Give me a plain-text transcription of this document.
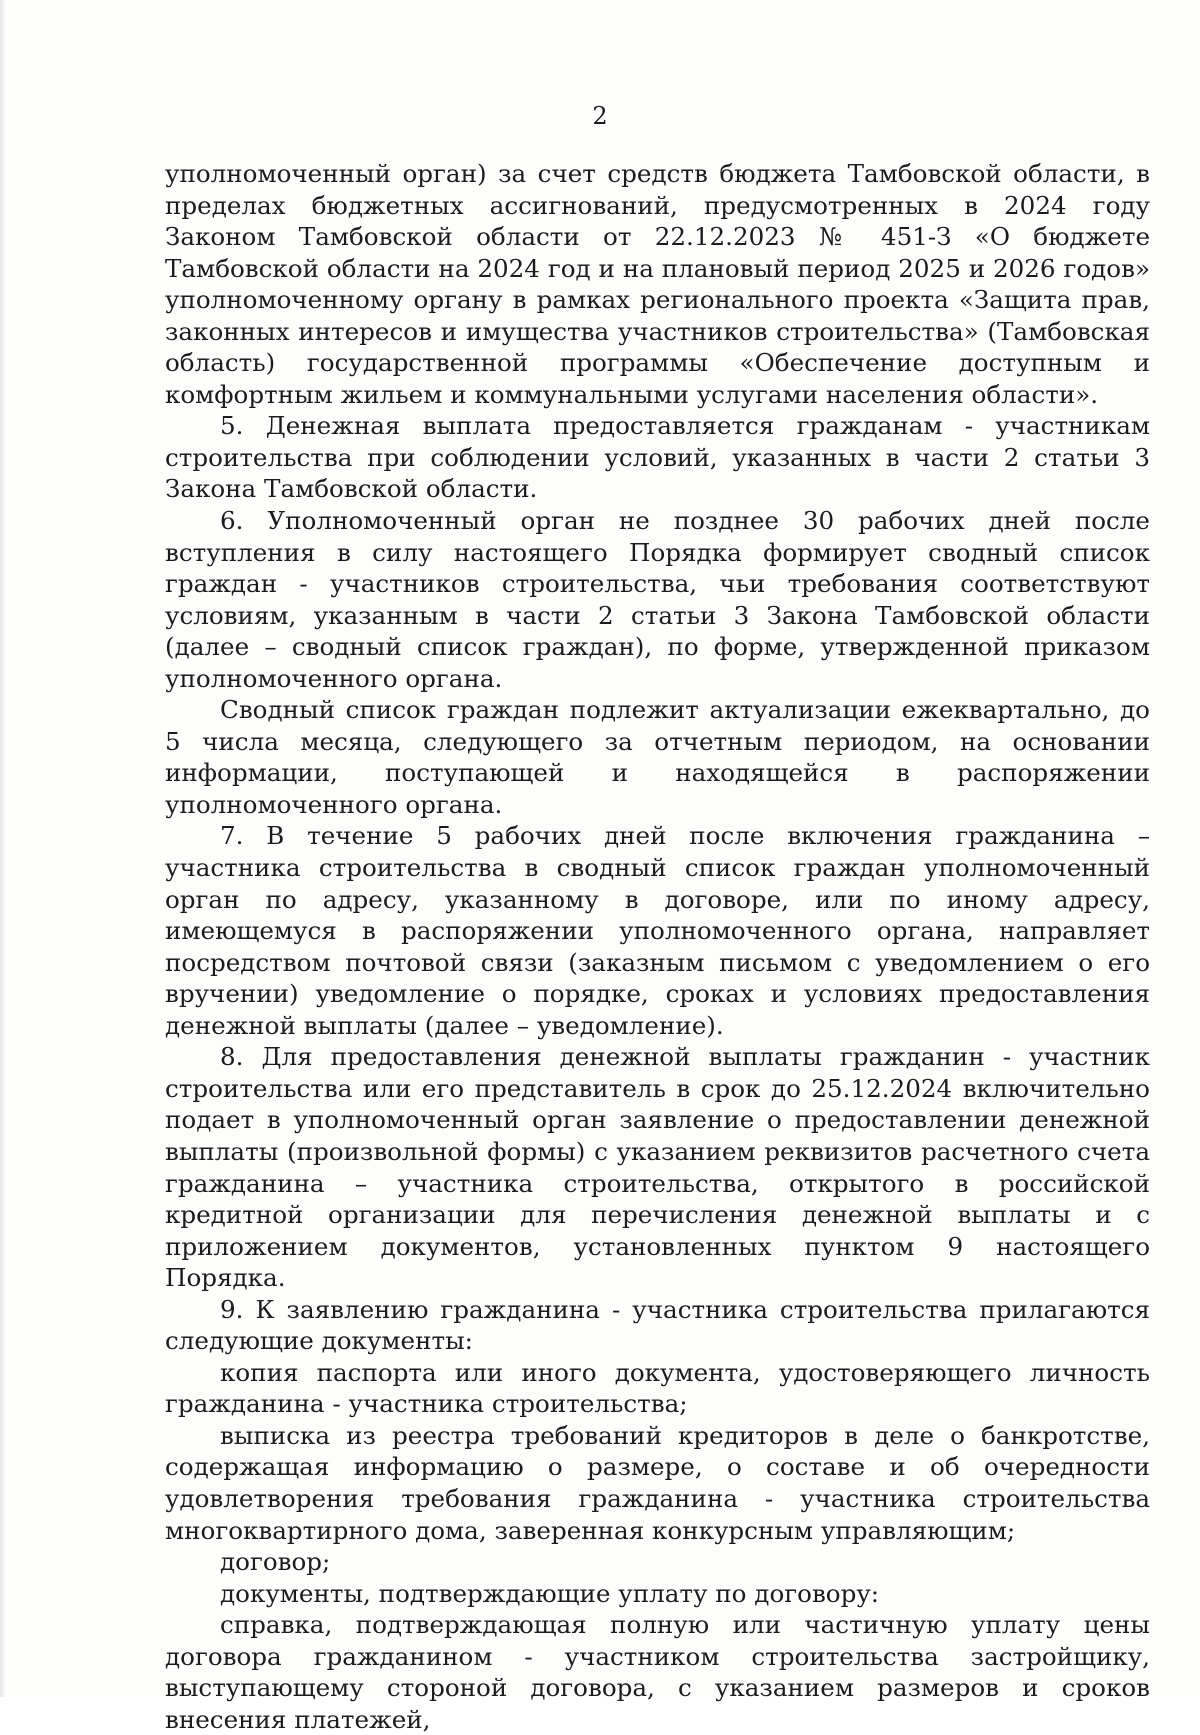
2

уполномоченный орган) за счет средств бюджета Тамбовской области, в пределах бюджетных ассигнований, предусмотренных в 2024 году Законом Тамбовской области от 22.12.2023 № 451-З «О бюджете Тамбовской области на 2024 год и на плановый период 2025 и 2026 годов» уполномоченному органу в рамках регионального проекта «Защита прав, законных интересов и имущества участников строительства» (Тамбовская область) государственной программы «Обеспечение доступным и комфортным жильем и коммунальными услугами населения области».

5. Денежная выплата предоставляется гражданам - участникам строительства при соблюдении условий, указанных в части 2 статьи 3 Закона Тамбовской области.

6. Уполномоченный орган не позднее 30 рабочих дней после вступления в силу настоящего Порядка формирует сводный список граждан - участников строительства, чьи требования соответствуют условиям, указанным в части 2 статьи 3 Закона Тамбовской области (далее – сводный список граждан), по форме, утвержденной приказом уполномоченного органа.

Сводный список граждан подлежит актуализации ежеквартально, до 5 числа месяца, следующего за отчетным периодом, на основании информации, поступающей и находящейся в распоряжении уполномоченного органа.

7. В течение 5 рабочих дней после включения гражданина – участника строительства в сводный список граждан уполномоченный орган по адресу, указанному в договоре, или по иному адресу, имеющемуся в распоряжении уполномоченного органа, направляет посредством почтовой связи (заказным письмом с уведомлением о его вручении) уведомление о порядке, сроках и условиях предоставления денежной выплаты (далее – уведомление).

8. Для предоставления денежной выплаты гражданин - участник строительства или его представитель в срок до 25.12.2024 включительно подает в уполномоченный орган заявление о предоставлении денежной выплаты (произвольной формы) с указанием реквизитов расчетного счета гражданина – участника строительства, открытого в российской кредитной организации для перечисления денежной выплаты и с приложением документов, установленных пунктом 9 настоящего Порядка.

9. К заявлению гражданина - участника строительства прилагаются следующие документы:

копия паспорта или иного документа, удостоверяющего личность гражданина - участника строительства;

выписка из реестра требований кредиторов в деле о банкротстве, содержащая информацию о размере, о составе и об очередности удовлетворения требования гражданина - участника строительства многоквартирного дома, заверенная конкурсным управляющим;

договор;

документы, подтверждающие уплату по договору:

справка, подтверждающая полную или частичную уплату цены договора гражданином - участником строительства застройщику, выступающему стороной договора, с указанием размеров и сроков внесения платежей,
